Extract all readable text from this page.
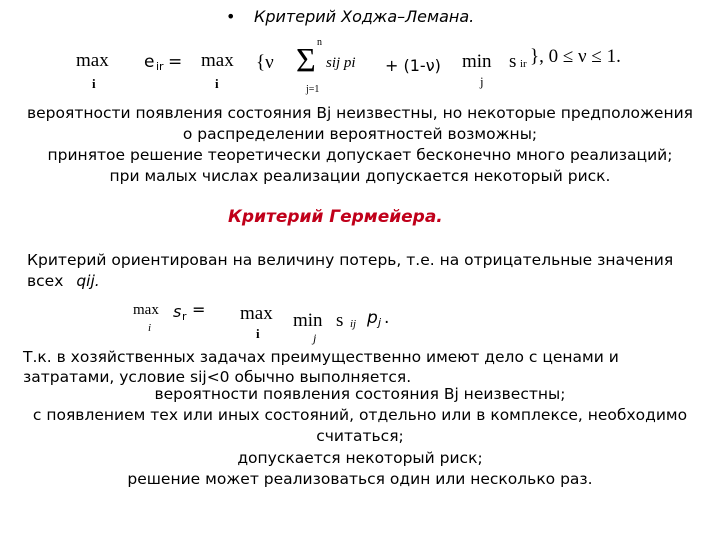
• Критерий Ходжа–Лемана.
max
i
e ir = max
i
{ν
n
Σ
j=1
sij pi + (1-ν) min
j
s ir }, 0 ≤ ν ≤ 1.
вероятности появления состояния Bj неизвестны, но некоторые предположения
о распределении вероятностей возможны;
принятое решение теоретически допускает бесконечно много реализаций;
при малых числах реализации допускается некоторый риск.
Критерий Гермейера.
Критерий ориентирован на величину потерь, т.е. на отрицательные значения
всех qij.
max
i
s r = max
i
min
j
s ij p j .
Т.к. в хозяйственных задачах преимущественно имеют дело с ценами и
затратами, условие sij<0 обычно выполняется.
вероятности появления состояния Bj неизвестны;
с появлением тех или иных состояний, отдельно или в комплексе, необходимо
считаться;
допускается некоторый риск;
решение может реализоваться один или несколько раз.
